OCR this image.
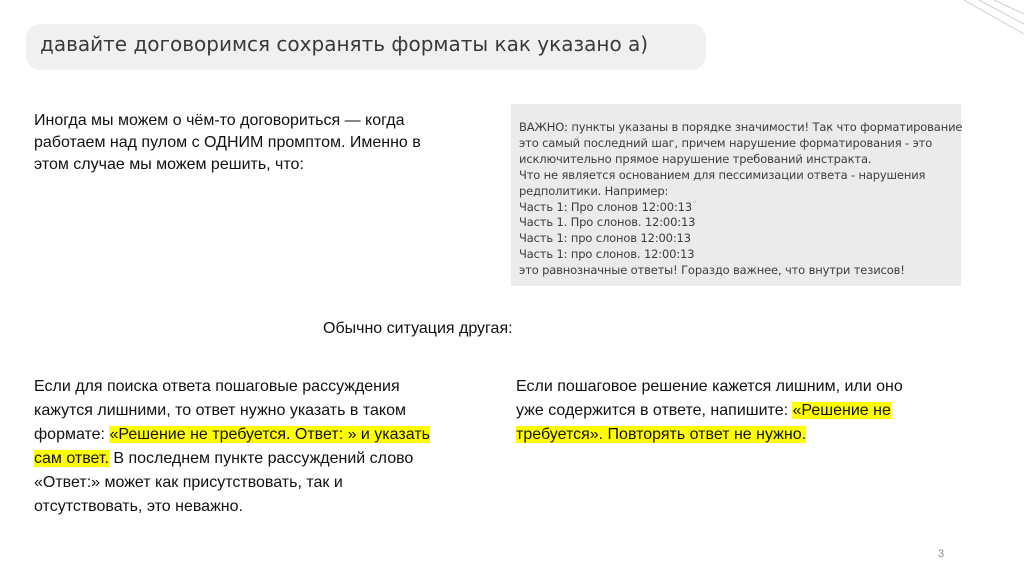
давайте договоримся сохранять форматы как указано а)
Иногда мы можем о чём-то договориться — когда работаем над пулом с ОДНИМ промптом. Именно в этом случае мы можем решить, что:
ВАЖНО: пункты указаны в порядке значимости! Так что форматирование
это самый последний шаг, причем нарушение форматирования - это
исключительно прямое нарушение требований инстракта.
Что не является основанием для пессимизации ответа - нарушения
редполитики. Например:
Часть 1: Про слонов 12:00:13
Часть 1. Про слонов. 12:00:13
Часть 1: про слонов 12:00:13
Часть 1: про слонов. 12:00:13
это равнозначные ответы! Гораздо важнее, что внутри тезисов!
Обычно ситуация другая:
Если для поиска ответа пошаговые рассуждения кажутся лишними, то ответ нужно указать в таком формате: «Решение не требуется. Ответ: » и указать сам ответ. В последнем пункте рассуждений слово «Ответ:» может как присутствовать, так и отсутствовать, это неважно.
Если пошаговое решение кажется лишним, или оно уже содержится в ответе, напишите: «Решение не требуется». Повторять ответ не нужно.
3
